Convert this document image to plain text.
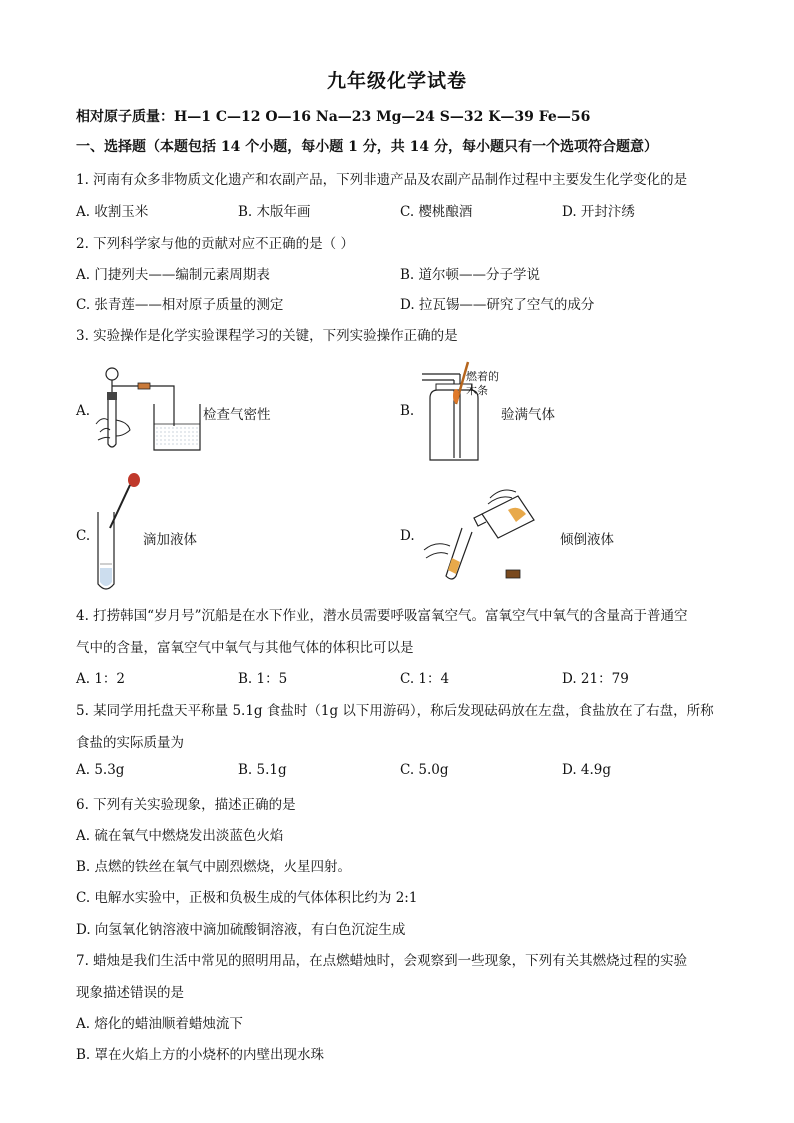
九年级化学试卷
相对原子质量：H—1 C—12 O—16 Na—23 Mg—24 S—32 K—39 Fe—56
一、选择题（本题包括 14 个小题，每小题 1 分，共 14 分，每小题只有一个选项符合题意）
1. 河南有众多非物质文化遗产和农副产品，下列非遗产品及农副产品制作过程中主要发生化学变化的是
A. 收割玉米	B. 木版年画	C. 樱桃酿酒	D. 开封汴绣
2. 下列科学家与他的贡献对应不正确的是（ ）
A. 门捷列夫——编制元素周期表	B. 道尔顿——分子学说
C. 张青莲——相对原子质量的测定	D. 拉瓦锡——研究了空气的成分
3. 实验操作是化学实验课程学习的关键，下列实验操作正确的是
A.	检查气密性	B.
燃着的
木条
验满气体
C.	滴加液体	D.	倾倒液体
4. 打捞韩国“岁月号”沉船是在水下作业，潜水员需要呼吸富氧空气。富氧空气中氧气的含量高于普通空
气中的含量，富氧空气中氧气与其他气体的体积比可以是
A. 1：2	B. 1：5	C. 1：4	D. 21：79
5. 某同学用托盘天平称量 5.1g 食盐时（1g 以下用游码），称后发现砝码放在左盘，食盐放在了右盘，所称
食盐的实际质量为
A. 5.3g	B. 5.1g	C. 5.0g	D. 4.9g
6. 下列有关实验现象，描述正确的是
A. 硫在氧气中燃烧发出淡蓝色火焰
B. 点燃的铁丝在氧气中剧烈燃烧，火星四射。
C. 电解水实验中，正极和负极生成的气体体积比约为 2:1
D. 向氢氧化钠溶液中滴加硫酸铜溶液，有白色沉淀生成
7. 蜡烛是我们生活中常见的照明用品，在点燃蜡烛时，会观察到一些现象，下列有关其燃烧过程的实验
现象描述错误的是
A. 熔化的蜡油顺着蜡烛流下
B. 罩在火焰上方的小烧杯的内壁出现水珠
